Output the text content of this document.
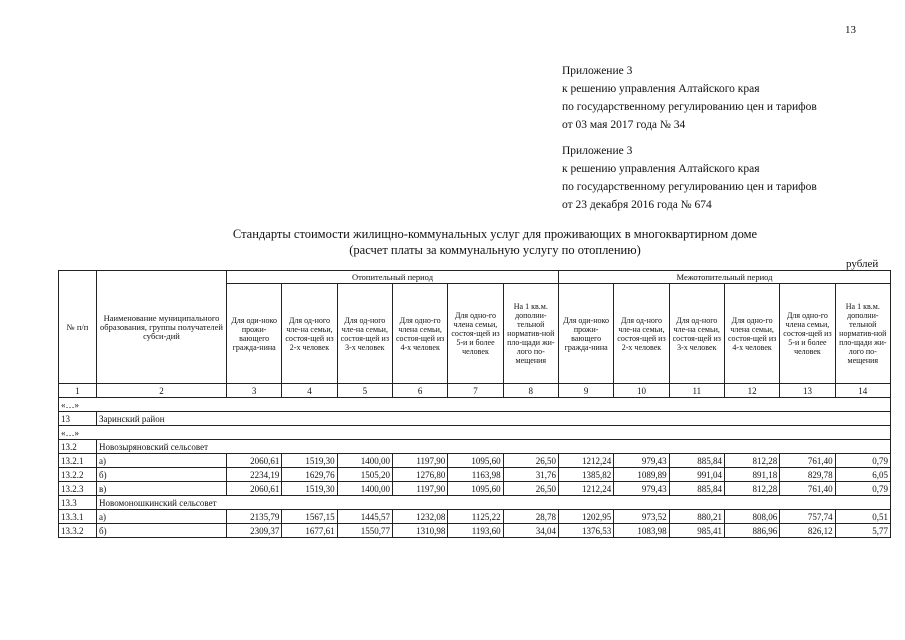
13
Приложение 3
к решению управления Алтайского края
по государственному регулированию цен и тарифов
от 03 мая 2017 года № 34
Приложение 3
к решению управления Алтайского края
по государственному регулированию цен и тарифов
от 23 декабря 2016 года № 674
Стандарты стоимости жилищно-коммунальных услуг для проживающих в многоквартирном доме
(расчет платы за коммунальную услугу по отоплению)
рублей
№ п/п	Наименование муниципального образования, группы получателей субси-дий	Отопительный период						Межотопительный период					
		Для оди-ноко прожи-вающего гражда-нина	Для од-ного чле-на семьи, состоя-щей из 2-х человек	Для од-ного чле-на семьи, состоя-щей из 3-х человек	Для одно-го члена семьи, состоя-щей из 4-х человек	Для одно-го члена семьи, состоя-щей из 5-и и более человек	На 1 кв.м. дополни-тельной норматив-ной пло-щади жи-лого по-мещения	Для оди-ноко прожи-вающего гражда-нина	Для од-ного чле-на семьи, состоя-щей из 2-х человек	Для од-ного чле-на семьи, состоя-щей из 3-х человек	Для одно-го члена семьи, состоя-щей из 4-х человек	Для одно-го члена семьи, состоя-щей из 5-и и более человек	На 1 кв.м. дополни-тельной норматив-ной пло-щади жи-лого по-мещения
1	2	3	4	5	6	7	8	9	10	11	12	13	14
«…»													
13	Заринский район												
«…»													
13.2	Новозыряновский сельсовет												
13.2.1	а)	2060,61	1519,30	1400,00	1197,90	1095,60	26,50	1212,24	979,43	885,84	812,28	761,40	0,79
13.2.2	б)	2234,19	1629,76	1505,20	1276,80	1163,98	31,76	1385,82	1089,89	991,04	891,18	829,78	6,05
13.2.3	в)	2060,61	1519,30	1400,00	1197,90	1095,60	26,50	1212,24	979,43	885,84	812,28	761,40	0,79
13.3	Новомоношкинский сельсовет												
13.3.1	а)	2135,79	1567,15	1445,57	1232,08	1125,22	28,78	1202,95	973,52	880,21	808,06	757,74	0,51
13.3.2	б)	2309,37	1677,61	1550,77	1310,98	1193,60	34,04	1376,53	1083,98	985,41	886,96	826,12	5,77
